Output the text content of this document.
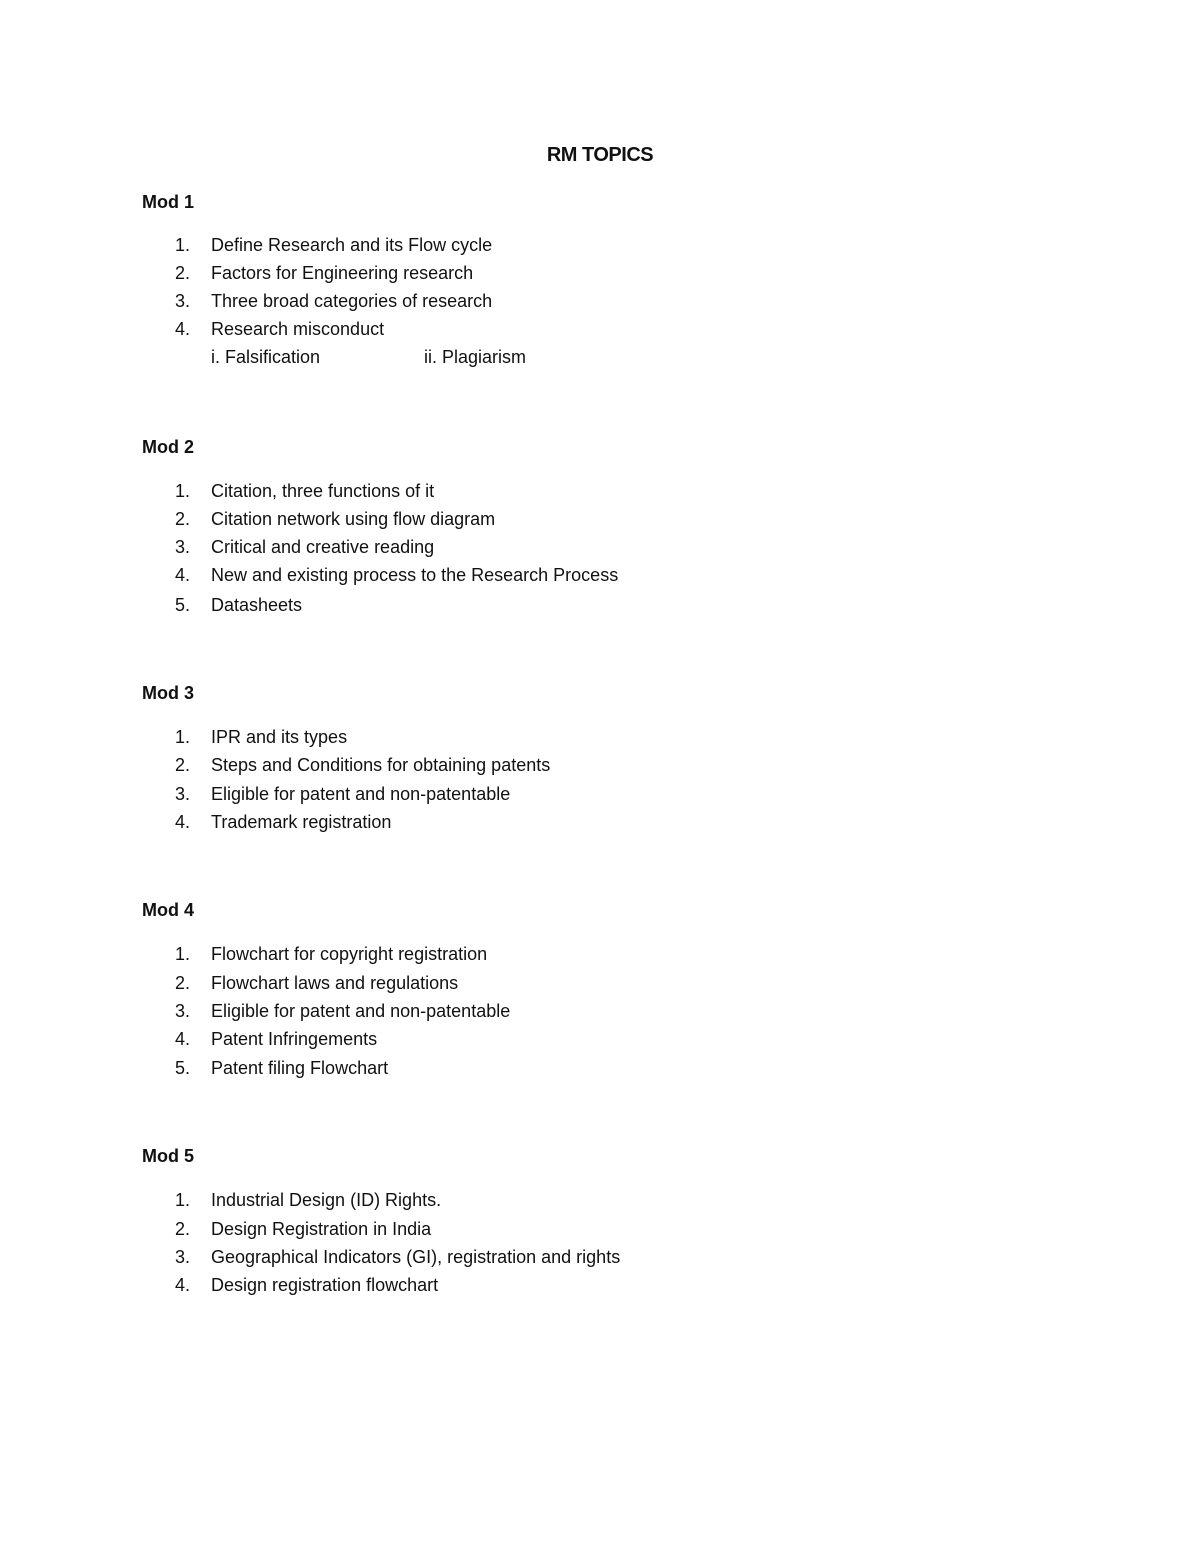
RM TOPICS
Mod 1
1.	Define Research and its Flow cycle
2.	Factors for Engineering research
3.	Three broad categories of research
4.	Research misconduct
i. Falsification	ii. Plagiarism
Mod 2
1.	Citation, three functions of it
2.	Citation network using flow diagram
3.	Critical and creative reading
4.	New and existing process to the Research Process
5.	Datasheets
Mod 3
1.	IPR and its types
2.	Steps and Conditions for obtaining patents
3.	Eligible for patent and non-patentable
4.	Trademark registration
Mod 4
1.	Flowchart for copyright registration
2.	Flowchart laws and regulations
3.	Eligible for patent and non-patentable
4.	Patent Infringements
5.	Patent filing Flowchart
Mod 5
1.	Industrial Design (ID) Rights.
2.	Design Registration in India
3.	Geographical Indicators (GI), registration and rights
4.	Design registration flowchart
